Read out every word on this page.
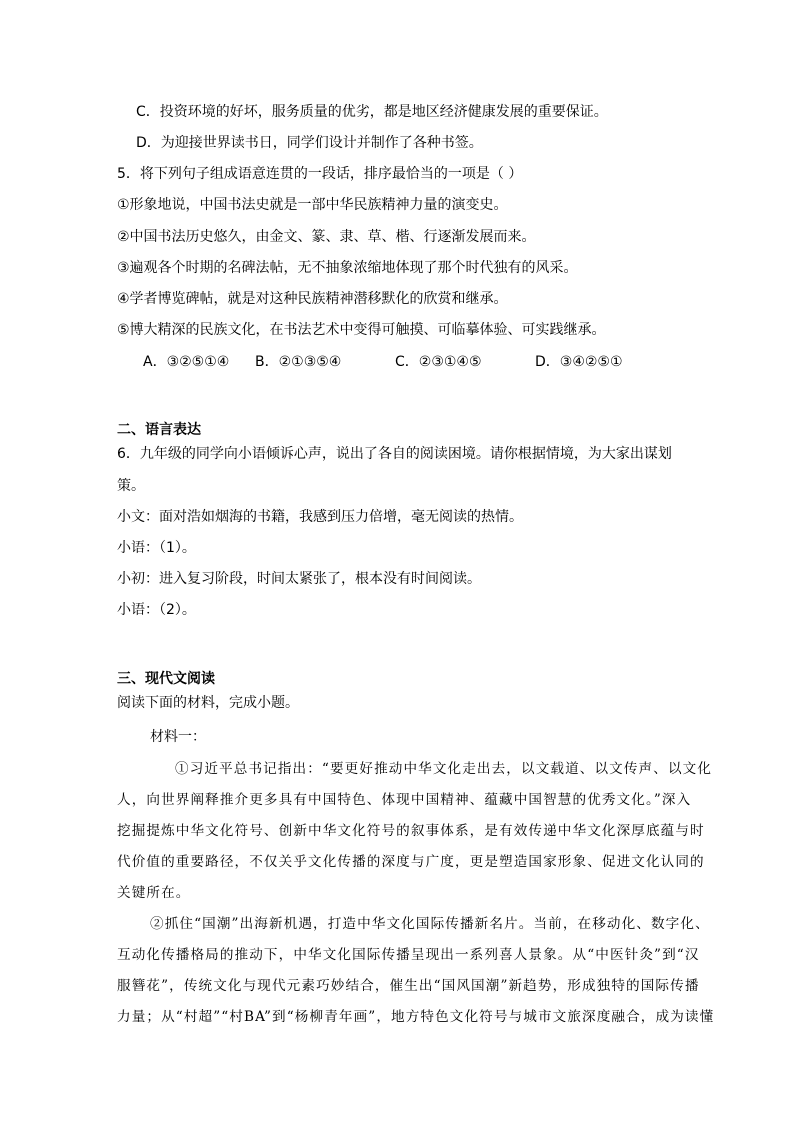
C．投资环境的好坏，服务质量的优劣，都是地区经济健康发展的重要保证。
D．为迎接世界读书日，同学们设计并制作了各种书签。
5．将下列句子组成语意连贯的一段话，排序最恰当的一项是（ ）
①形象地说，中国书法史就是一部中华民族精神力量的演变史。
②中国书法历史悠久，由金文、篆、隶、草、楷、行逐渐发展而来。
③遍观各个时期的名碑法帖，无不抽象浓缩地体现了那个时代独有的风采。
④学者博览碑帖，就是对这种民族精神潜移默化的欣赏和继承。
⑤博大精深的民族文化，在书法艺术中变得可触摸、可临摹体验、可实践继承。
A．③②⑤①④ B．②①③⑤④	C．②③①④⑤	D．③④②⑤①
二、语言表达
6．九年级的同学向小语倾诉心声，说出了各自的阅读困境。请你根据情境，为大家出谋划
策。
小文：面对浩如烟海的书籍，我感到压力倍增，毫无阅读的热情。
小语：（1）。
小初：进入复习阶段，时间太紧张了，根本没有时间阅读。
小语：（2）。
三、现代文阅读
阅读下面的材料，完成小题。
材料一：
①习近平总书记指出：“要更好推动中华文化走出去，以文载道、以文传声、以文化
人，向世界阐释推介更多具有中国特色、体现中国精神、蕴藏中国智慧的优秀文化。”深入
挖掘提炼中华文化符号、创新中华文化符号的叙事体系，是有效传递中华文化深厚底蕴与时
代价值的重要路径，不仅关乎文化传播的深度与广度，更是塑造国家形象、促进文化认同的
关键所在。
②抓住“国潮”出海新机遇，打造中华文化国际传播新名片。当前，在移动化、数字化、
互动化传播格局的推动下，中华文化国际传播呈现出一系列喜人景象。从“中医针灸”到“汉
服簪花”，传统文化与现代元素巧妙结合，催生出“国风国潮”新趋势，形成独特的国际传播
力量；从“村超”“村BA”到“杨柳青年画”，地方特色文化符号与城市文旅深度融合，成为读懂
